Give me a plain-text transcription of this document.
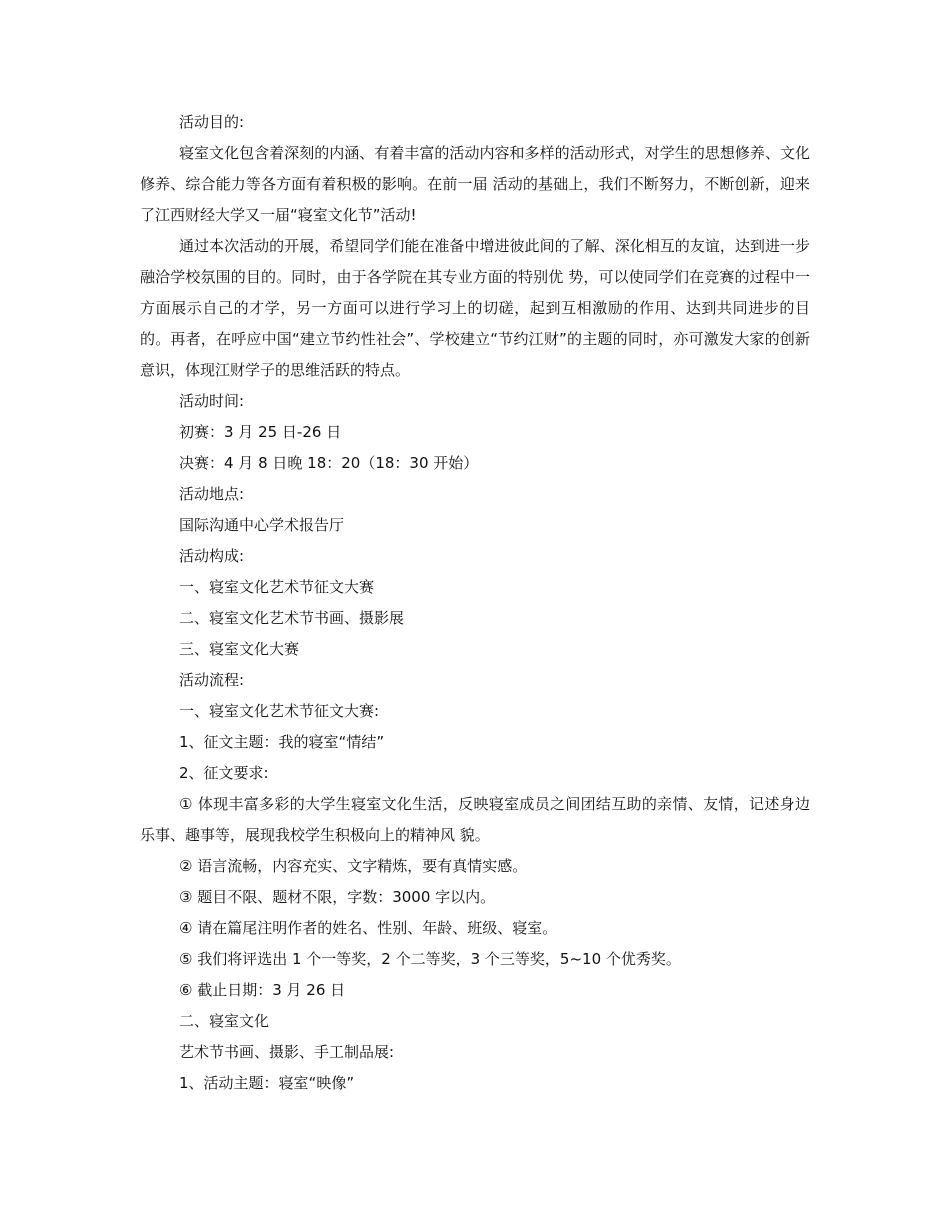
活动目的:

寝室文化包含着深刻的内涵、有着丰富的活动内容和多样的活动形式，对学生的思想修养、文化修养、综合能力等各方面有着积极的影响。在前一届 活动的基础上，我们不断努力，不断创新，迎来了江西财经大学又一届“寝室文化节”活动!

通过本次活动的开展，希望同学们能在准备中增进彼此间的了解、深化相互的友谊，达到进一步融洽学校氛围的目的。同时，由于各学院在其专业方面的特别优 势，可以使同学们在竞赛的过程中一方面展示自己的才学，另一方面可以进行学习上的切磋，起到互相激励的作用、达到共同进步的目的。再者，在呼应中国“建立节约性社会”、学校建立“节约江财”的主题的同时，亦可激发大家的创新意识，体现江财学子的思维活跃的特点。

活动时间:

初赛：3 月 25 日-26 日

决赛：4 月 8 日晚 18：20（18：30 开始）

活动地点:

国际沟通中心学术报告厅

活动构成:

一、寝室文化艺术节征文大赛

二、寝室文化艺术节书画、摄影展

三、寝室文化大赛

活动流程:

一、寝室文化艺术节征文大赛:

1、征文主题：我的寝室“情结”

2、征文要求:

① 体现丰富多彩的大学生寝室文化生活，反映寝室成员之间团结互助的亲情、友情，记述身边乐事、趣事等，展现我校学生积极向上的精神风 貌。

② 语言流畅，内容充实、文字精炼，要有真情实感。

③ 题目不限、题材不限，字数：3000 字以内。

④ 请在篇尾注明作者的姓名、性别、年龄、班级、寝室。

⑤ 我们将评选出 1 个一等奖，2 个二等奖，3 个三等奖，5~10 个优秀奖。

⑥ 截止日期：3 月 26 日

二、寝室文化

艺术节书画、摄影、手工制品展:

1、活动主题：寝室“映像”
